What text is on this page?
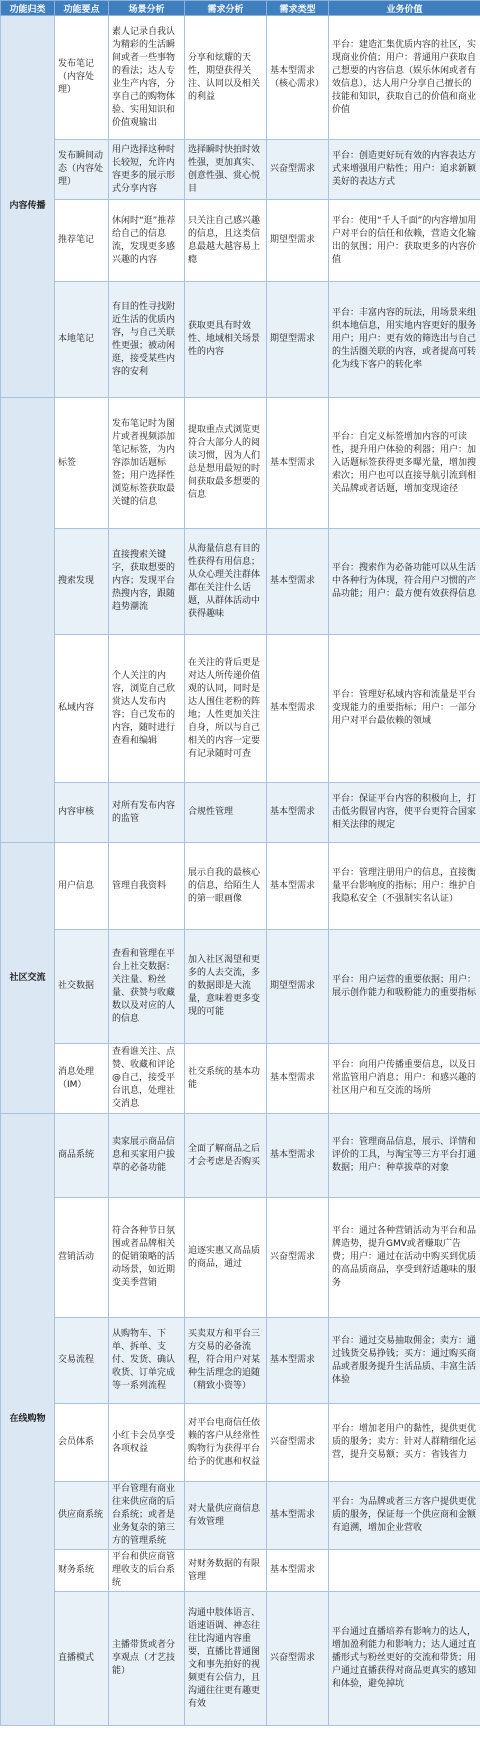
功能归类	功能要点	场景分析	需求分析	需求类型	业务价值
内容传播	发布笔记（内容处理）	素人记录自我认为精彩的生活瞬间或者一些事物的看法；达人专业生产内容，分享自己的购物体验、实用知识和价值观输出	分享和炫耀的天性，期望获得关注、认同以及相关的利益	基本型需求（核心需求）	平台：建造汇集优质内容的社区，实现商业价值；用户：普通用户获取自己想要的内容信息（娱乐休闲或者有效信息），达人用户分享自己擅长的技能和知识，获取自己的价值和商业价值
	发布瞬间动态（内容处理）	用户选择这种时长较短，允许内容更多的展示形式分享内容	选择瞬时快拍时效性强，更加真实、创意性强、赏心悦目	兴奋型需求	平台：创造更好玩有效的内容表达方式来增强用户粘性；用户：追求新颖美好的表达方式
	推荐笔记	休闲时“逛”推荐给自己的信息流，发现更多感兴趣的内容	只关注自己感兴趣的信息，且这类信息最越大越容易上瘾	期望型需求	平台：使用“千人千面”的内容增加用户对平台的信任和依赖，营造文化输出的氛围；用户：获取更多的内容价值
	本地笔记	有目的性寻找附近生活的优质内容，与自己关联性更强；被动闲逛，接受某些内容的安利	获取更具有时效性、地域相关场景性的内容	期望型需求	平台：丰富内容的玩法，用场景来组织本地信息，用实地内容更好的服务用户；用户：更有效的筛选出与自己的生活圈关联的内容，或者提高可转化为线下客户的转化率
	标签	发布笔记时为图片或者视频添加笔记标签，为内容添加话题标签；用户选择性浏览标签获取最关键的信息	提取重点式浏览更符合大部分人的阅读习惯，因为人们总是想用最短的时间获取最多想要的信息	基本型需求	平台：自定义标签增加内容的可读性，提升用户体验的利器；用户：加入话题标签获得更多曝光量，增加搜索次；用户也可以直接导航引流到相关品牌或者话题，增加变现途径
	搜索发现	直接搜索关键字，获取想要的内容；发现平台热搜内容，跟随趋势潮流	从海量信息有目的性获得有用信息；从众心理关注群体都在关注什么话题，从群体活动中获得趣味	基本型需求	平台：搜索作为必备功能可以从生活中各种行为体现，符合用户习惯的产品功能；用户：最方便有效获得信息
	私域内容	个人关注的内容，浏览自己欣赏达人发布内容；自己发布的内容，随时进行查看和编辑	在关注的背后更是对达人所传递价值观的认同，同时是达人围住老粉的阵地；人性更加关注自身，所以与自己相关的内容一定要有记录随时可查	基本型需求	平台：管理好私域内容和流量是平台变现能力的重要指标；用户：一部分用户对平台最依赖的领域
	内容审核	对所有发布内容的监管	合规性管理	基本型需求	平台：保证平台内容的积极向上，打击低劣假冒内容，使平台更符合国家相关法律的规定
社区交流	用户信息	管理自我资料	展示自我的最核心的信息，给陌生人的第一眼画像	基本型需求	平台：管理注册用户的信息，直接衡量平台影响度的指标；用户：维护自我隐私安全（不强制实名认证）
	社交数据	查看和管理在平台上社交数据：关注量、粉丝量、获赞与收藏数以及对应的人的信息	加入社区渴望和更多的人去交流，多的数据即是大流量，意味着更多变现的可能	期望型需求	平台：用户运营的重要依据；用户：展示创作能力和吸粉能力的重要指标
	消息处理（IM）	查看谁关注、点赞、收藏和评论@自己，接受平台讯息，处理社交消息	社交系统的基本功能	基本型需求	平台：向用户传播重要信息，以及日常监管用户消息；用户：和感兴趣的社区用户和互交流的场所
在线购物	商品系统	卖家展示商品信息和买家用户拔草的必备功能	全面了解商品之后才会考虑是否购买	基本型需求	平台：管理商品信息，展示、详情和评价的工具，与淘宝等三方平台打通数据；用户：种草拔草的对象
	营销活动	符合各种节日氛围或者品牌相关的促销策略的活动场景，如近期变美季营销	追逐实惠又高品质的商品，通过	兴奋型需求	平台：通过各种营销活动为平台和品牌造势，提升GMV或者赚取广告费；用户：通过在活动中购买到优质的高品质商品，享受到舒适趣味的服务
	交易流程	从购物车、下单、拆单、支付、发货、确认收货、订单完成等一系列流程	买卖双方和平台三方交易的必备流程，符合用户对某种生活理念的追随（精致小资等）	基本型需求	平台：通过交易抽取佣金；卖方：通过钱货交易挣钱；买方：通过购买商品或者服务提升生活品质、丰富生活体验
	会员体系	小红卡会员享受各项权益	对平台电商信任依赖的客户从经常性购物行为获得平台给予的优惠和权益	兴奋型需求	平台：增加老用户的黏性，提供更优质的服务；卖方：针对人群精细化运营，提升交易额；买方：省钱省力
	供应商系统	平台管理有商业往来供应商的后台系统；或者是业务复杂的第三方的管理系统	对大量供应商信息有效管理	基本型需求	平台：为品牌或者三方客户提供更优质的服务，保证每一个供应商和金额有追溯，增加企业营收
	财务系统	平台和供应商管理收支的后台系统	对财务数据的有限管理	基本型需求	
	直播模式	主播带货或者分享观点（才艺技能）	沟通中肢体语言、语速语调、神态往往比沟通内容重要，直播比普通图文和事先拍好的视频更有公信力，且沟通往往更有趣更有效	兴奋型需求	平台通过直播培养有影响力的达人，增加盈利能力和影响力；达人通过直播形式与粉丝更好的交流和带货；用户通过直播获得对商品更真实的感知和体验，避免掉坑
